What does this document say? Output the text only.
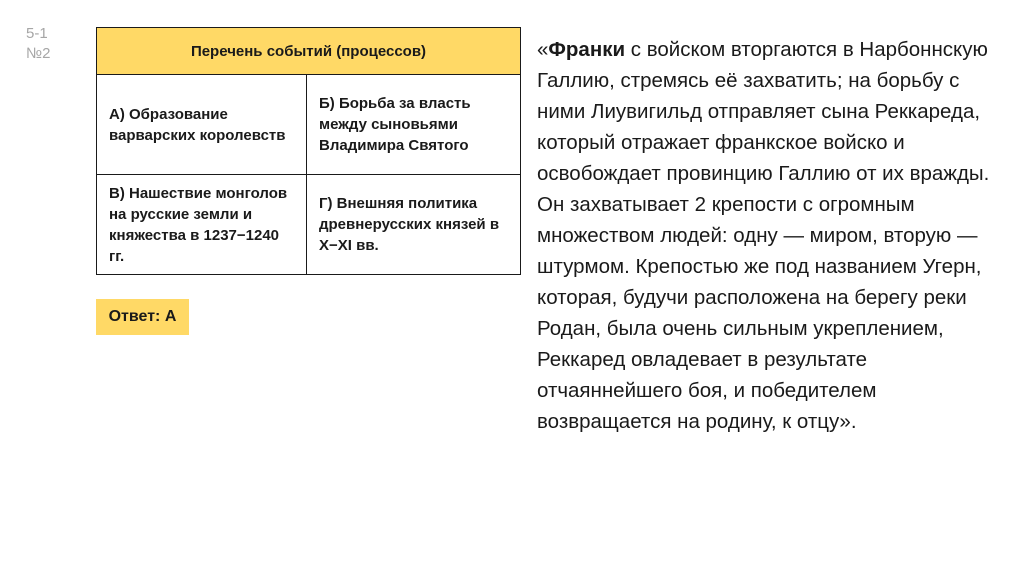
5-1
№2	Перечень событий (процессов)	
А) Образование варварских королевств	Б) Борьба за власть между сыновьями Владимира Святого
В) Нашествие монголов на русские земли и княжества в 1237−1240 гг.	Г) Внешняя политика древнерусских князей в X−XI вв.
Ответ: А
«Франки с войском вторгаются в Нарбоннскую Галлию, стремясь её захватить; на борьбу с ними Лиувигильд отправляет сына Реккареда, который отражает франкское войско и освобождает провинцию Галлию от их вражды. Он захватывает 2 крепости с огромным множеством людей: одну — миром, вторую — штурмом. Крепостью же под названием Угерн, которая, будучи расположена на берегу реки Родан, была очень сильным укреплением, Реккаред овладевает в результате отчаяннейшего боя, и победителем возвращается на родину, к отцу».
